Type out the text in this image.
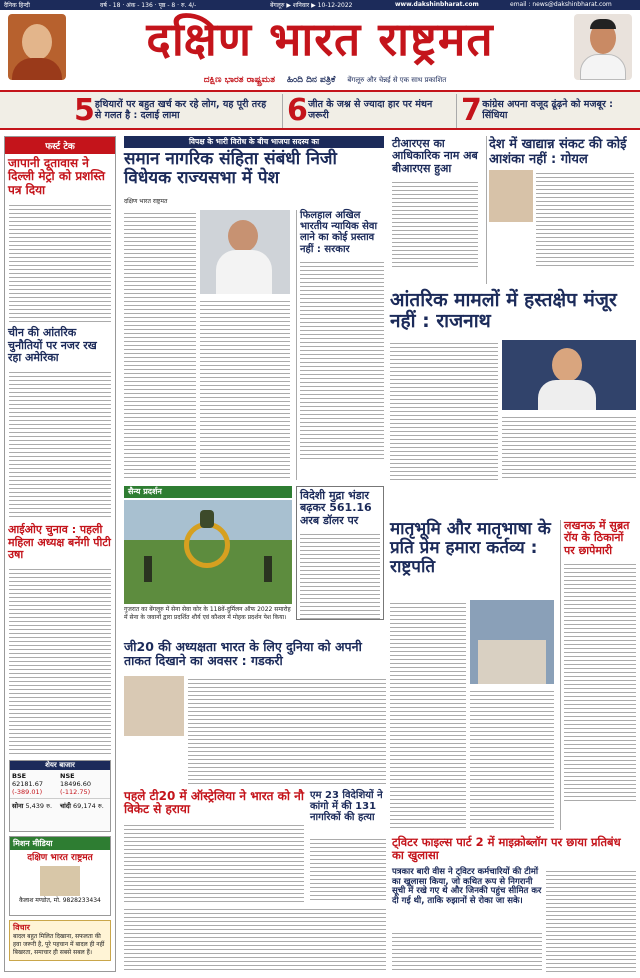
दैनिक हिन्दी	वर्ष - 18 · अंक - 136 · पृष्ठ - 8 · रु. 4/-	बेंगलूरु ▶ शनिवार ▶ 10-12-2022	www.dakshinbharat.com	email : news@dakshinbharat.com
दक्षिण भारत राष्ट्रमत
ದಕ್ಷಿಣ ಭಾರತ ರಾಷ್ಟ್ರಮತ ಹಿಂದಿ ದಿನ ಪತ್ರಿಕೆ बेंगलूरु और चेन्नई से एक साथ प्रकाशित
5 हथियारों पर बहुत खर्च कर रहे लोग, यह पूरी तरह से गलत है : दलाई लामा	6 जीत के जश्न से ज्यादा हार पर मंथन जरूरी	7 कांग्रेस अपना वजूद ढूंढ़ने को मजबूर : सिंधिया
फर्स्ट टेक
जापानी दूतावास ने दिल्ली मेट्रो को प्रशस्ति पत्र दिया
चीन की आंतरिक चुनौतियों पर नजर रख रहा अमेरिका
आईओए चुनाव : पहली महिला अध्यक्ष बनेंगी पीटी उषा
शेयर बाजार
BSE
62181.67
(-389.01)
NSE
18496.60
(-112.75)
सोना 5,439 रु.	चांदी 69,174 रु.
मिशन मीडिया
दक्षिण भारत राष्ट्रमत
कैलाश मण्डोत, मो. 9828233434
विचार
बादल बहुत मिलित दिखाना, सफलता की हवा जरूरी है, पूरे पहचान में बादल ही नहीं बिखरता, समाचार ही सबसे सबल हैं।
विपक्ष के भारी विरोध के बीच भाजपा सदस्य का
समान नागरिक संहिता संबंधी निजी विधेयक राज्यसभा में पेश
दक्षिण भारत राष्ट्रमत
फिलहाल अखिल भारतीय न्यायिक सेवा लाने का कोई प्रस्ताव नहीं : सरकार
सैन्य प्रदर्शन
गुजरात का बेंगलूरु में सेना सेवा कोर के 118वें-दुर्मिलन ऑफ 2022 समारोह में सेना के जवानों द्वारा प्रदर्शित शौर्य एवं कौशल में मोहक प्रदर्शन पेश किया।
विदेशी मुद्रा भंडार बढ़कर 561.16 अरब डॉलर पर
टीआरएस का आधिकारिक नाम अब बीआरएस हुआ
देश में खाद्यान्न संकट की कोई आशंका नहीं : गोयल
आंतरिक मामलों में हस्तक्षेप मंजूर नहीं : राजनाथ
मातृभूमि और मातृभाषा के प्रति प्रेम हमारा कर्तव्य : राष्ट्रपति
लखनऊ में सुब्रत रॉय के ठिकानों पर छापेमारी
जी20 की अध्यक्षता भारत के लिए दुनिया को अपनी ताकत दिखाने का अवसर : गडकरी
पहले टी20 में ऑस्ट्रेलिया ने भारत को नौ विकेट से हराया
एम 23 विदेशियों ने कांगो में की 131 नागरिकों की हत्या
ट्विटर फाइल्स पार्ट 2 में माइक्रोब्लॉग पर छाया प्रतिबंध का खुलासा
पत्रकार बारी वीस ने ट्विटर कर्मचारियों की टीमों का खुलासा किया, जो कथित रूप से निगरानी सूची में रखे गए थे और जिनकी पहुंच सीमित कर दी गई थी, ताकि रुझानों से रोका जा सके।
